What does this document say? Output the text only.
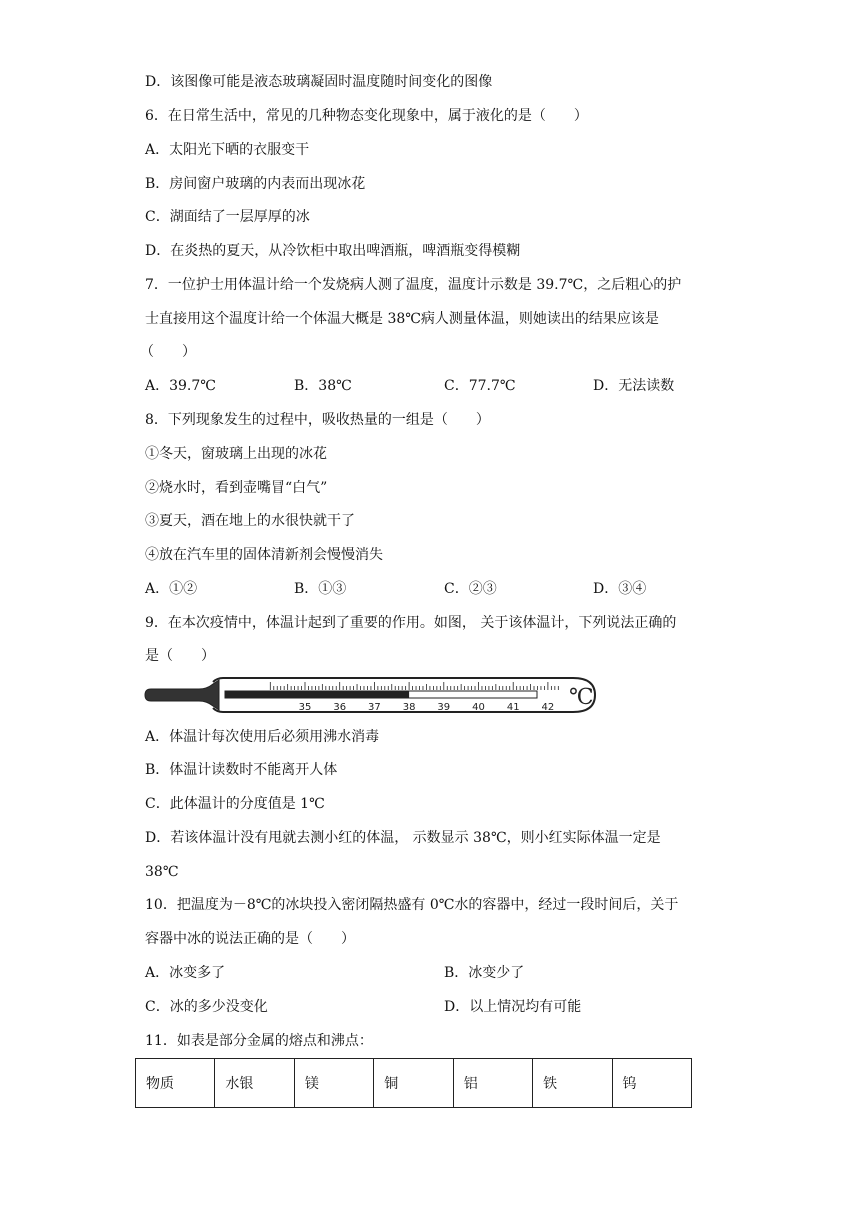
D．该图像可能是液态玻璃凝固时温度随时间变化的图像
6．在日常生活中，常见的几种物态变化现象中，属于液化的是（　　）
A．太阳光下晒的衣服变干
B．房间窗户玻璃的内表而出现冰花
C．湖面结了一层厚厚的冰
D．在炎热的夏天，从冷饮柜中取出啤酒瓶，啤酒瓶变得模糊
7．一位护士用体温计给一个发烧病人测了温度，温度计示数是 39.7℃，之后粗心的护
士直接用这个温度计给一个体温大概是 38℃病人测量体温，则她读出的结果应该是
（　　）
A．39.7℃	B．38℃	C．77.7℃	D．无法读数
8．下列现象发生的过程中，吸收热量的一组是（　　）
①冬天，窗玻璃上出现的冰花
②烧水时，看到壶嘴冒“白气”
③夏天，酒在地上的水很快就干了
④放在汽车里的固体清新剂会慢慢消失
A．①②	B．①③	C．②③	D．③④
9．在本次疫情中，体温计起到了重要的作用。如图， 关于该体温计，下列说法正确的
是（　　）
35 36 37 38 39 40 41 42 ℃
A．体温计每次使用后必须用沸水消毒
B．体温计读数时不能离开人体
C．此体温计的分度值是 1℃
D．若该体温计没有甩就去测小红的体温， 示数显示 38℃，则小红实际体温一定是
38℃
10．把温度为－8℃的冰块投入密闭隔热盛有 0℃水的容器中，经过一段时间后，关于
容器中冰的说法正确的是（　　）
A．冰变多了	B．冰变少了
C．冰的多少没变化	D．以上情况均有可能
11．如表是部分金属的熔点和沸点：
物质	水银	镁	铜	铝	铁	钨
